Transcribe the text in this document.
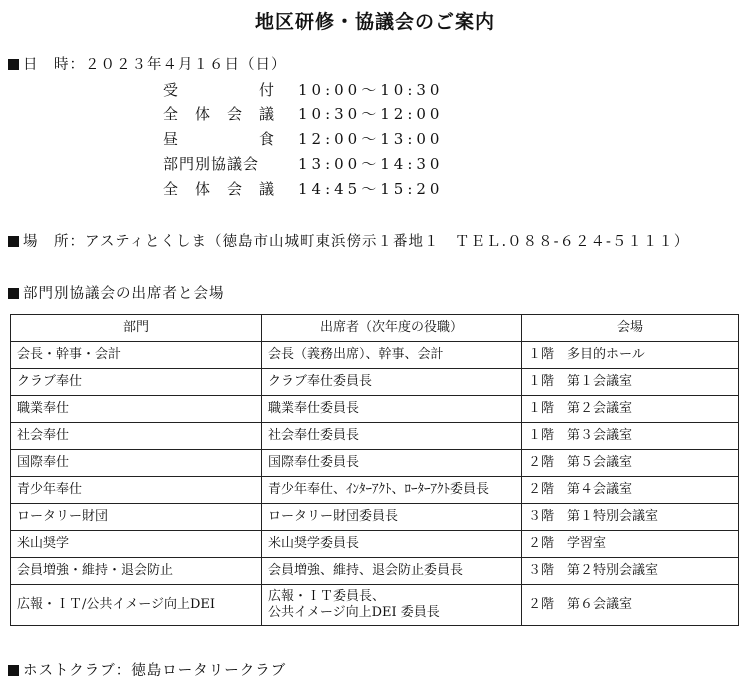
地区研修・協議会のご案内
日　時：２０２３年４月１６日（日）
受	付 10:00～10:30
全 体 会 議 10:30～12:00
昼	食 12:00～13:00
部門別協議会	13:00～14:30
全 体 会 議 14:45～15:20
場　所：アスティとくしま（徳島市山城町東浜傍示１番地１　ＴＥＬ.０８８-６２４-５１１１）
部門別協議会の出席者と会場
部門	出席者（次年度の役職）	会場
会長・幹事・会計	会長（義務出席）、幹事、会計	１階　多目的ホール
クラブ奉仕	クラブ奉仕委員長	１階　第１会議室
職業奉仕	職業奉仕委員長	１階　第２会議室
社会奉仕	社会奉仕委員長	１階　第３会議室
国際奉仕	国際奉仕委員長	２階　第５会議室
青少年奉仕	青少年奉仕、ｲﾝﾀｰｱｸﾄ、ﾛｰﾀｰｱｸﾄ委員長	２階　第４会議室
ロータリー財団	ロータリー財団委員長	３階　第１特別会議室
米山奨学	米山奨学委員長	２階　学習室
会員増強・維持・退会防止	会員増強、維持、退会防止委員長	３階　第２特別会議室
広報・ＩＴ/公共イメージ向上DEI	広報・ＩＴ委員長、
公共イメージ向上DEI 委員長	２階　第６会議室
ホストクラブ：徳島ロータリークラブ
